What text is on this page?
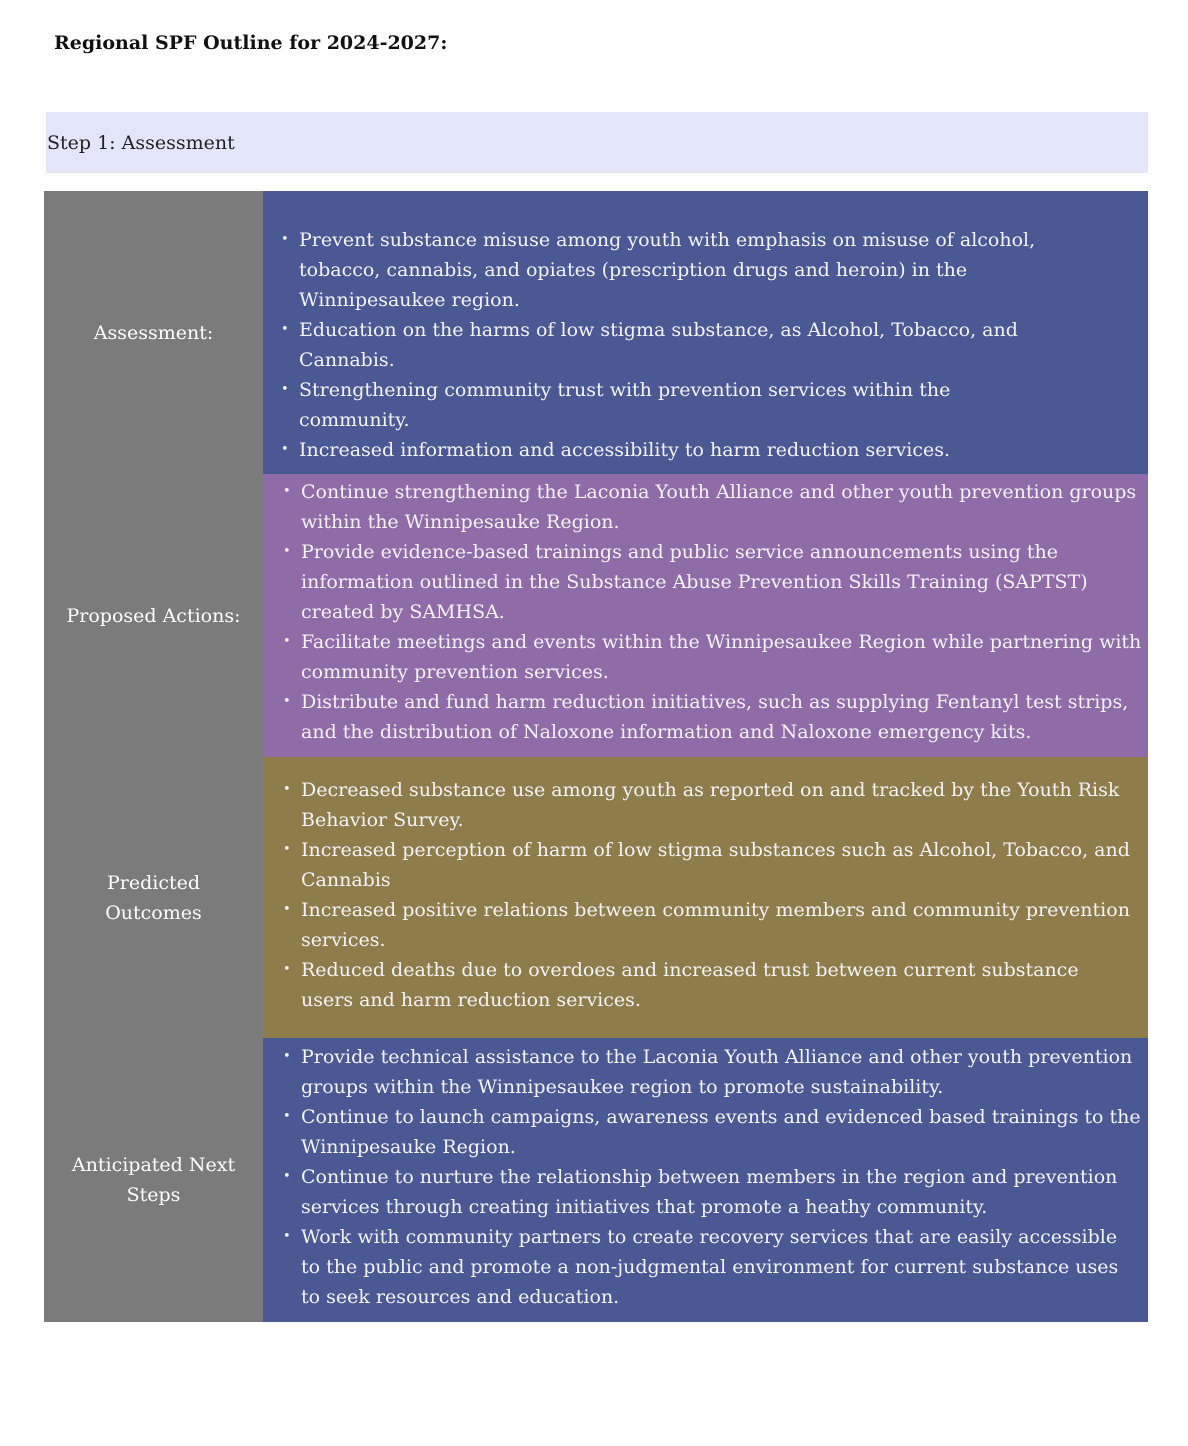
Regional SPF Outline for 2024-2027:
Step 1: Assessment
Assessment:
• Prevent substance misuse among youth with emphasis on misuse of alcohol, tobacco, cannabis, and opiates (prescription drugs and heroin) in the Winnipesaukee region.
• Education on the harms of low stigma substance, as Alcohol, Tobacco, and Cannabis.
• Strengthening community trust with prevention services within the community.
• Increased information and accessibility to harm reduction services.
Proposed Actions:
• Continue strengthening the Laconia Youth Alliance and other youth prevention groups within the Winnipesauke Region.
• Provide evidence-based trainings and public service announcements using the information outlined in the Substance Abuse Prevention Skills Training (SAPTST) created by SAMHSA.
• Facilitate meetings and events within the Winnipesaukee Region while partnering with community prevention services.
• Distribute and fund harm reduction initiatives, such as supplying Fentanyl test strips, and the distribution of Naloxone information and Naloxone emergency kits.
Predicted Outcomes
• Decreased substance use among youth as reported on and tracked by the Youth Risk Behavior Survey.
• Increased perception of harm of low stigma substances such as Alcohol, Tobacco, and Cannabis
• Increased positive relations between community members and community prevention services.
• Reduced deaths due to overdoes and increased trust between current substance users and harm reduction services.
Anticipated Next Steps
• Provide technical assistance to the Laconia Youth Alliance and other youth prevention groups within the Winnipesaukee region to promote sustainability.
• Continue to launch campaigns, awareness events and evidenced based trainings to the Winnipesauke Region.
• Continue to nurture the relationship between members in the region and prevention services through creating initiatives that promote a heathy community.
• Work with community partners to create recovery services that are easily accessible to the public and promote a non-judgmental environment for current substance uses to seek resources and education.
